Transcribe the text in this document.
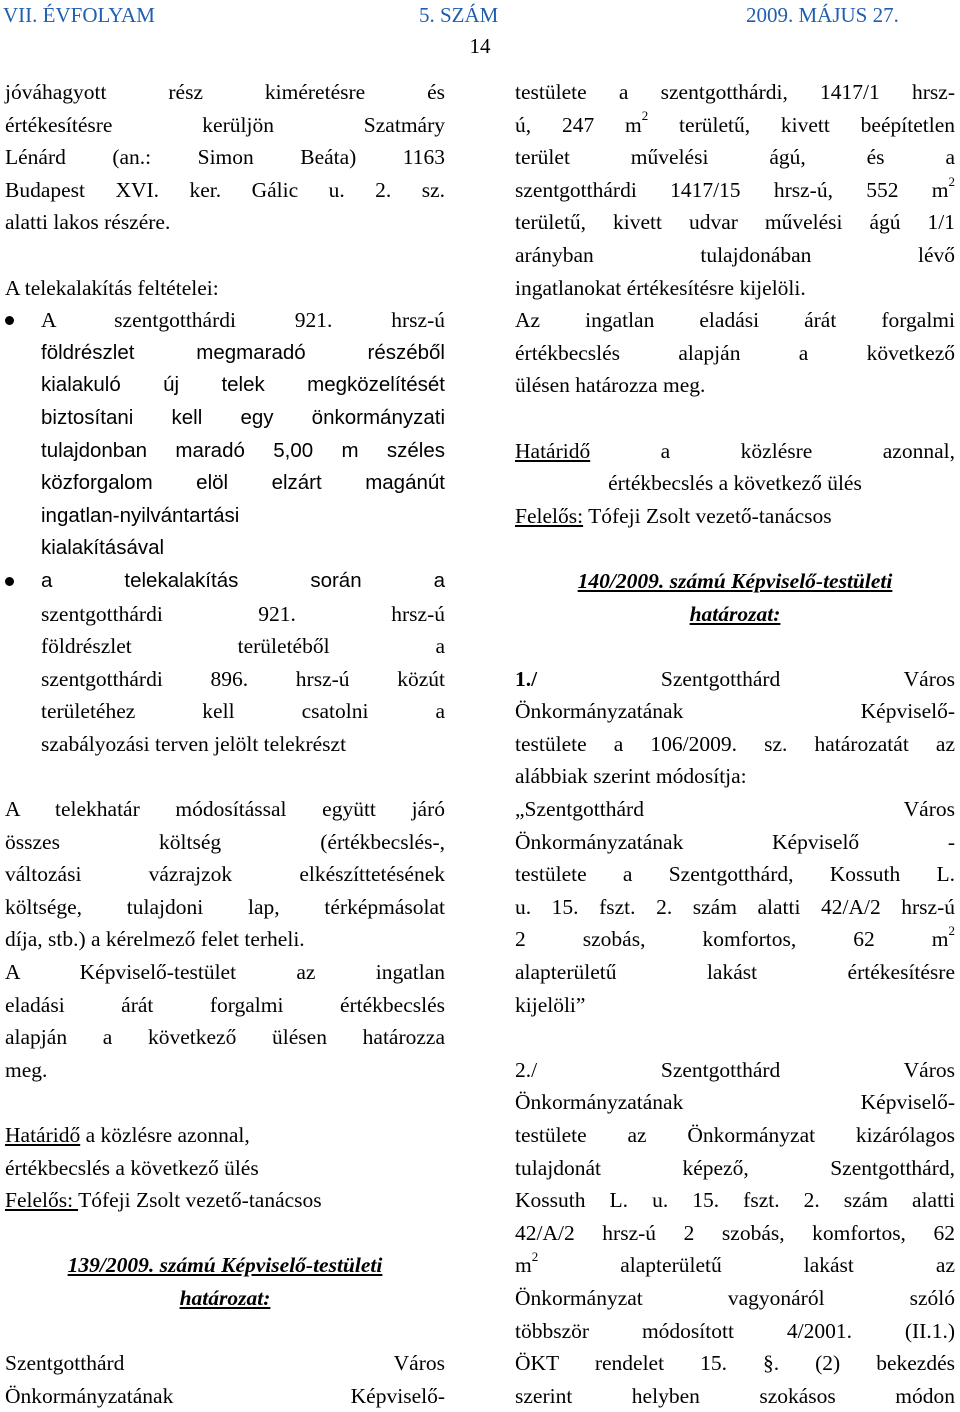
VII. ÉVFOLYAM	5. SZÁM	2009. MÁJUS 27.
14
jóváhagyott rész kiméretésre és
értékesítésre kerüljön Szatmáry
Lénárd (an.: Simon Beáta) 1163
Budapest XVI. ker. Gálic u. 2. sz.
alatti lakos részére.
A telekalakítás feltételei:
A szentgotthárdi 921. hrsz-ú
földrészlet megmaradó részéből
kialakuló új telek megközelítését
biztosítani kell egy önkormányzati
tulajdonban maradó 5,00 m széles
közforgalom elöl elzárt magánút
ingatlan-nyilvántartási
kialakításával
a telekalakítás során a
szentgotthárdi 921. hrsz-ú
földrészlet területéből a
szentgotthárdi 896. hrsz-ú közút
területéhez kell csatolni a
szabályozási terven jelölt telekrészt
A telekhatár módosítással együtt járó
összes költség (értékbecslés-,
változási vázrajzok elkészíttetésének
költsége, tulajdoni lap, térképmásolat
díja, stb.) a kérelmező felet terheli.
A Képviselő-testület az ingatlan
eladási árát forgalmi értékbecslés
alapján a következő ülésen határozza
meg.
Határidő a közlésre azonnal,
értékbecslés a következő ülés
Felelős: Tófeji Zsolt vezető-tanácsos
139/2009. számú Képviselő-testületi
határozat:
Szentgotthárd Város
Önkormányzatának Képviselő-
testülete a szentgotthárdi, 1417/1 hrsz-
ú, 247 $m^2$ területű, kivett beépítetlen
terület művelési ágú, és a
szentgotthárdi 1417/15 hrsz-ú, 552 $m^2$
területű, kivett udvar művelési ágú 1/1
arányban tulajdonában lévő
ingatlanokat értékesítésre kijelöli.
Az ingatlan eladási árát forgalmi
értékbecslés alapján a következő
ülésen határozza meg.
Határidő a közlésre azonnal,
értékbecslés a következő ülés
Felelős: Tófeji Zsolt vezető-tanácsos
140/2009. számú Képviselő-testületi
határozat:
1./ Szentgotthárd Város
Önkormányzatának Képviselő-
testülete a 106/2009. sz. határozatát az
alábbiak szerint módosítja:
„Szentgotthárd Város
Önkormányzatának Képviselő -
testülete a Szentgotthárd, Kossuth L.
u. 15. fszt. 2. szám alatti 42/A/2 hrsz-ú
2 szobás, komfortos, 62 $m^2$
alapterületű lakást értékesítésre
kijelöli”
2./ Szentgotthárd Város
Önkormányzatának Képviselő-
testülete az Önkormányzat kizárólagos
tulajdonát képező, Szentgotthárd,
Kossuth L. u. 15. fszt. 2. szám alatti
42/A/2 hrsz-ú 2 szobás, komfortos, 62
$m^2$ alapterületű lakást az
Önkormányzat vagyonáról szóló
többször módosított 4/2001. (II.1.)
ÖKT rendelet 15. §. (2) bekezdés
szerint helyben szokásos módon
